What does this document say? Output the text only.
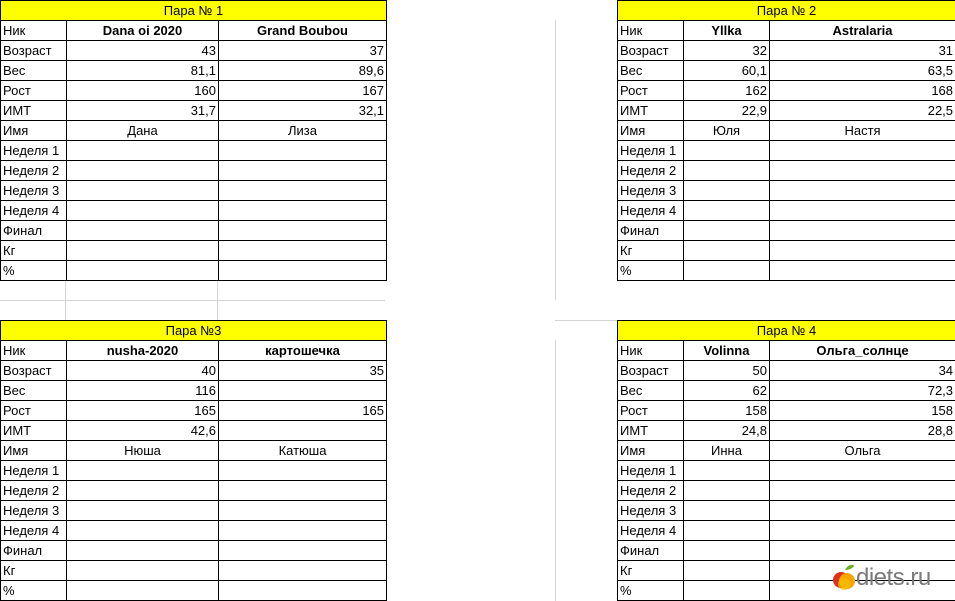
Пара № 1		
Ник	Dana oi 2020	Grand Boubou
Возраст	43	37
Вес	81,1	89,6
Рост	160	167
ИМТ	31,7	32,1
Имя	Дана	Лиза
Неделя 1		
Неделя 2		
Неделя 3		
Неделя 4		
Финал		
Кг		
%		
Пара № 2		
Ник	Yllka	Astralaria
Возраст	32	31
Вес	60,1	63,5
Рост	162	168
ИМТ	22,9	22,5
Имя	Юля	Настя
Неделя 1		
Неделя 2		
Неделя 3		
Неделя 4		
Финал		
Кг		
%		
Пара №3		
Ник	nusha-2020	картошечка
Возраст	40	35
Вес	116	
Рост	165	165
ИМТ	42,6	
Имя	Нюша	Катюша
Неделя 1		
Неделя 2		
Неделя 3		
Неделя 4		
Финал		
Кг		
%		
Пара № 4		
Ник	Volinna	Ольга_солнце
Возраст	50	34
Вес	62	72,3
Рост	158	158
ИМТ	24,8	28,8
Имя	Инна	Ольга
Неделя 1		
Неделя 2		
Неделя 3		
Неделя 4		
Финал		
Кг		
%			diets.ru
